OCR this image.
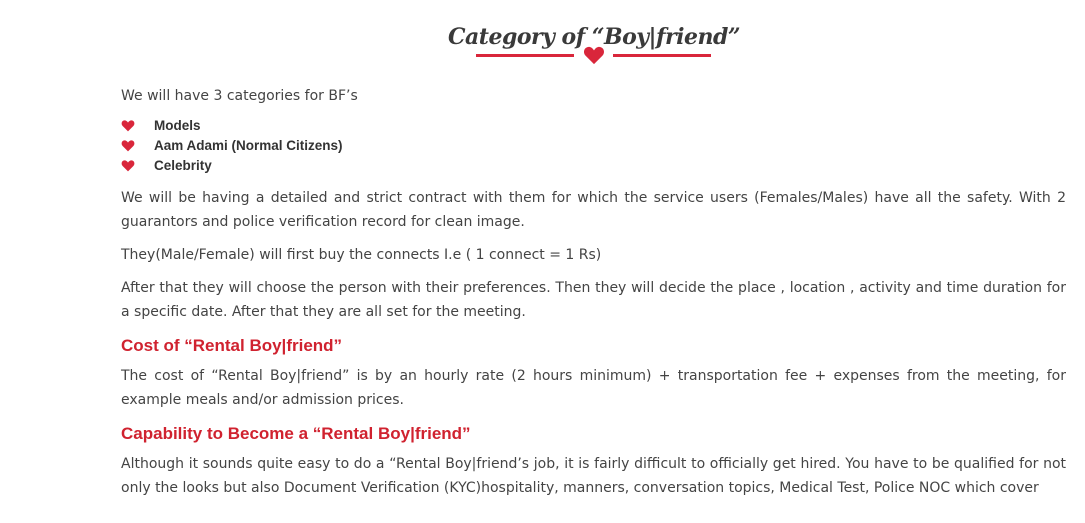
Category of “Boy|friend”

We will have 3 categories for BF’s

Models
Aam Adami (Normal Citizens)
Celebrity

We will be having a detailed and strict contract with them for which the service users (Females/Males) have all the safety. With 2 guarantors and police verification record for clean image.

They(Male/Female) will first buy the connects I.e ( 1 connect = 1 Rs)

After that they will choose the person with their preferences. Then they will decide the place , location , activity and time duration for a specific date. After that they are all set for the meeting.

Cost of “Rental Boy|friend”

The cost of “Rental Boy|friend” is by an hourly rate (2 hours minimum) + transportation fee + expenses from the meeting, for example meals and/or admission prices.

Capability to Become a “Rental Boy|friend”

Although it sounds quite easy to do a “Rental Boy|friend’s job, it is fairly difficult to officially get hired. You have to be qualified for not only the looks but also Document Verification (KYC)hospitality, manners, conversation topics, Medical Test, Police NOC which cover
